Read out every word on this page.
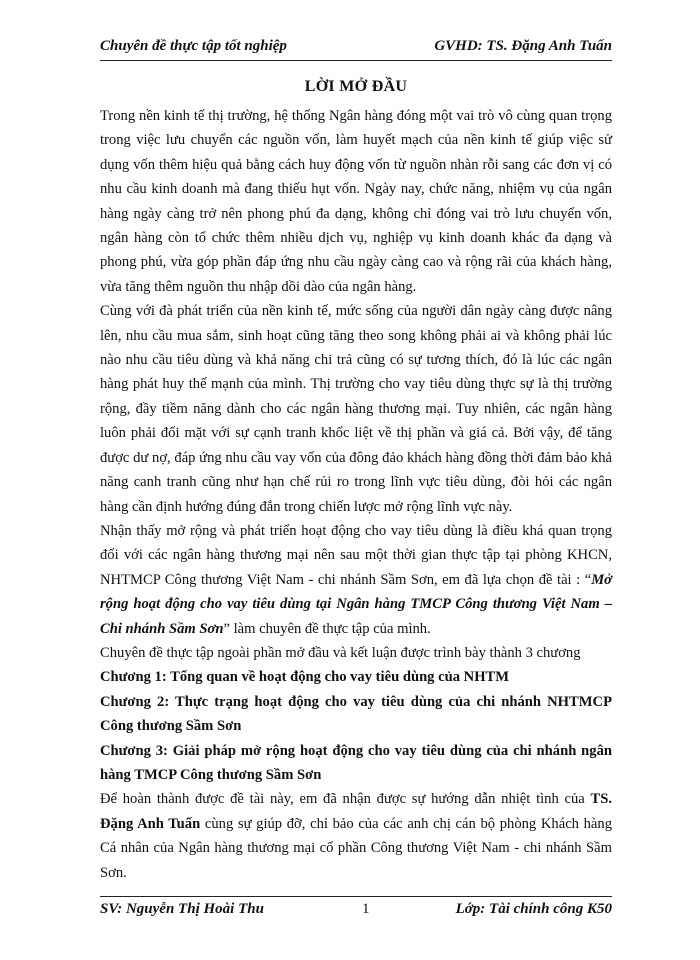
Chuyên đề thực tập tốt nghiệp	GVHD: TS. Đặng Anh Tuấn
LỜI MỞ ĐẦU

Trong nền kinh tế thị trường, hệ thống Ngân hàng đóng một vai trò vô cùng quan trọng trong việc lưu chuyển các nguồn vốn, làm huyết mạch của nền kinh tế giúp việc sử dụng vốn thêm hiệu quả bằng cách huy động vốn từ nguồn nhàn rỗi sang các đơn vị có nhu cầu kinh doanh mà đang thiếu hụt vốn. Ngày nay, chức năng, nhiệm vụ của ngân hàng ngày càng trở nên phong phú đa dạng, không chỉ đóng vai trò lưu chuyển vốn, ngân hàng còn tổ chức thêm nhiều dịch vụ, nghiệp vụ kinh doanh khác đa dạng và phong phú, vừa góp phần đáp ứng nhu cầu ngày càng cao và rộng rãi của khách hàng, vừa tăng thêm nguồn thu nhập dồi dào của ngân hàng.

Cùng với đà phát triển của nền kinh tế, mức sống của người dân ngày càng được nâng lên, nhu cầu mua sắm, sinh hoạt cũng tăng theo song không phải ai và không phải lúc nào nhu cầu tiêu dùng và khả năng chi trả cũng có sự tương thích, đó là lúc các ngân hàng phát huy thế mạnh của mình. Thị trường cho vay tiêu dùng thực sự là thị trường rộng, đầy tiềm năng dành cho các ngân hàng thương mại. Tuy nhiên, các ngân hàng luôn phải đối mặt với sự cạnh tranh khốc liệt về thị phần và giá cả. Bởi vậy, để tăng được dư nợ, đáp ứng nhu cầu vay vốn của đông đảo khách hàng đồng thời đảm bảo khả năng canh tranh cũng như hạn chế rủi ro trong lĩnh vực tiêu dùng, đòi hỏi các ngân hàng cần định hướng đúng đắn trong chiến lược mở rộng lĩnh vực này.

Nhận thấy mở rộng và phát triển hoạt động cho vay tiêu dùng là điều khá quan trọng đối với các ngân hàng thương mại nên sau một thời gian thực tập tại phòng KHCN, NHTMCP Công thương Việt Nam - chi nhánh Sầm Sơn, em đã lựa chọn đề tài : “Mở rộng hoạt động cho vay tiêu dùng tại Ngân hàng TMCP Công thương Việt Nam – Chi nhánh Sầm Sơn” làm chuyên đề thực tập của mình.

Chuyên đề thực tập ngoài phần mở đầu và kết luận được trình bày thành 3 chương

Chương 1: Tổng quan về hoạt động cho vay tiêu dùng của NHTM

Chương 2: Thực trạng hoạt động cho vay tiêu dùng của chi nhánh NHTMCP Công thương Sầm Sơn

Chương 3: Giải pháp mở rộng hoạt động cho vay tiêu dùng của chi nhánh ngân hàng TMCP Công thương Sầm Sơn

Để hoàn thành được đề tài này, em đã nhận được sự hướng dẫn nhiệt tình của TS. Đặng Anh Tuấn cùng sự giúp đỡ, chỉ bảo của các anh chị cán bộ phòng Khách hàng Cá nhân của Ngân hàng thương mại cổ phần Công thương Việt Nam - chi nhánh Sầm Sơn.

SV: Nguyễn Thị Hoài Thu	1	Lớp: Tài chính công K50
